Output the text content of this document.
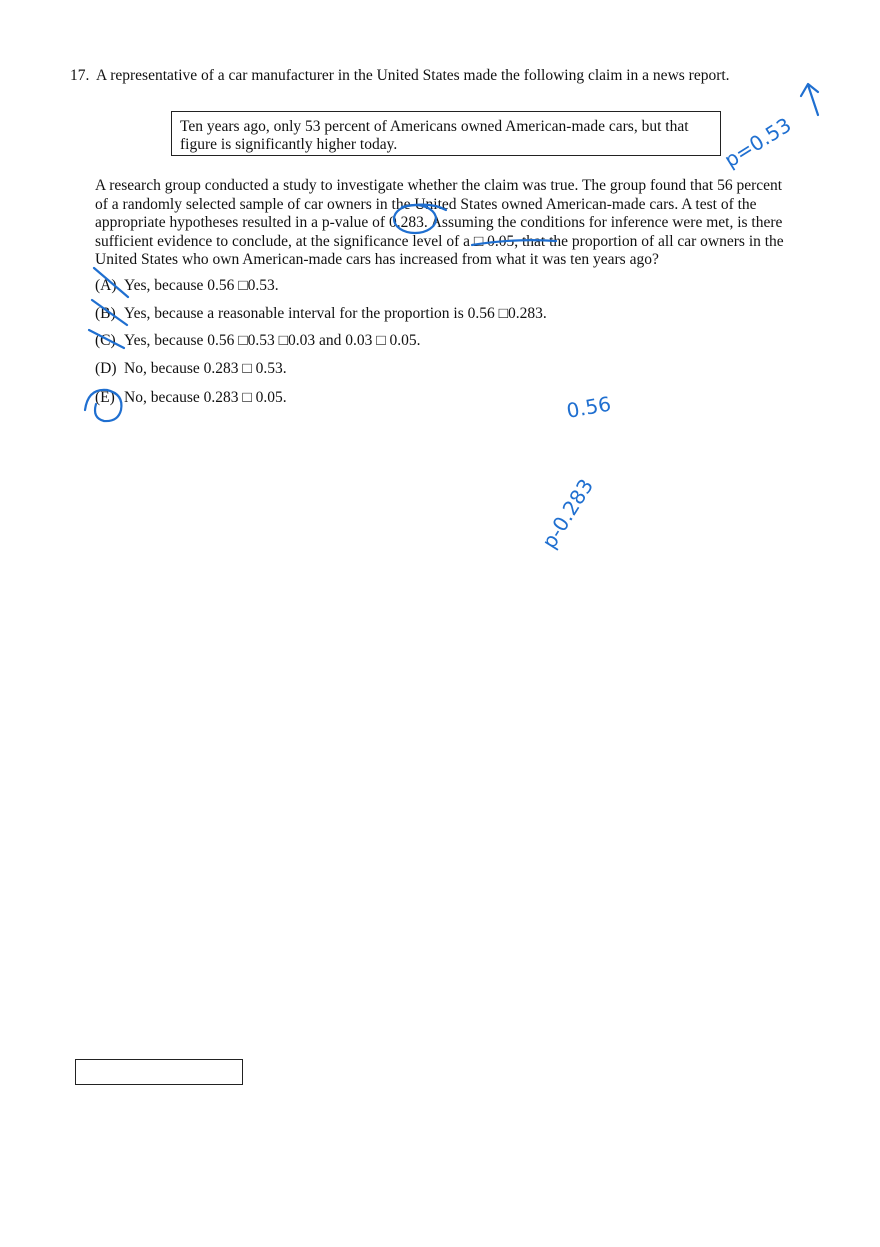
17. A representative of a car manufacturer in the United States made the following claim in a news report.
Ten years ago, only 53 percent of Americans owned American-made cars, but that
figure is significantly higher today.
A research group conducted a study to investigate whether the claim was true. The group found that 56 percent
of a randomly selected sample of car owners in the United States owned American-made cars. A test of the
appropriate hypotheses resulted in a p-value of 0.283. Assuming the conditions for inference were met, is there
sufficient evidence to conclude, at the significance level of a □ 0.05, that the proportion of all car owners in the
United States who own American-made cars has increased from what it was ten years ago?
(A) Yes, because 0.56 □0.53.
(B) Yes, because a reasonable interval for the proportion is 0.56 □0.283.
(C) Yes, because 0.56 □0.53 □0.03 and 0.03 □ 0.05.
(D) No, because 0.283 □ 0.53.
(E) No, because 0.283 □ 0.05.
p=0.53
0.56
p-0.283
